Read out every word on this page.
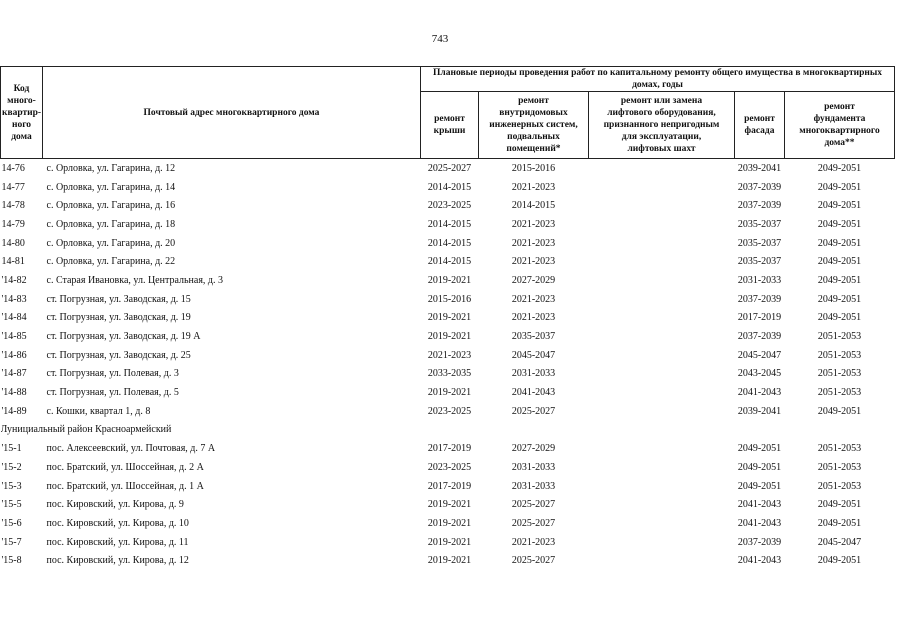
743
Код
много-
квартир-
ного
дома	Почтовый адрес многоквартирного дома	Плановые периоды проведения работ по капитальному ремонту общего имущества в многоквартирных домах, годы				
		ремонт
крыши	ремонт
внутридомовых
инженерных систем,
подвальных
помещений*	ремонт или замена
лифтового оборудования,
признанного непригодным
для эксплуатации,
лифтовых шахт	ремонт
фасада	ремонт
фундамента
многоквартирного
дома**
14-76	с. Орловка, ул. Гагарина, д. 12	2025-2027	2015-2016		2039-2041	2049-2051
14-77	с. Орловка, ул. Гагарина, д. 14	2014-2015	2021-2023		2037-2039	2049-2051
14-78	с. Орловка, ул. Гагарина, д. 16	2023-2025	2014-2015		2037-2039	2049-2051
14-79	с. Орловка, ул. Гагарина, д. 18	2014-2015	2021-2023		2035-2037	2049-2051
14-80	с. Орловка, ул. Гагарина, д. 20	2014-2015	2021-2023		2035-2037	2049-2051
14-81	с. Орловка, ул. Гагарина, д. 22	2014-2015	2021-2023		2035-2037	2049-2051
'14-82	с. Старая Ивановка, ул. Центральная, д. 3	2019-2021	2027-2029		2031-2033	2049-2051
'14-83	ст. Погрузная, ул. Заводская, д. 15	2015-2016	2021-2023		2037-2039	2049-2051
'14-84	ст. Погрузная, ул. Заводская, д. 19	2019-2021	2021-2023		2017-2019	2049-2051
'14-85	ст. Погрузная, ул. Заводская, д. 19 А	2019-2021	2035-2037		2037-2039	2051-2053
'14-86	ст. Погрузная, ул. Заводская, д. 25	2021-2023	2045-2047		2045-2047	2051-2053
'14-87	ст. Погрузная, ул. Полевая, д. 3	2033-2035	2031-2033		2043-2045	2051-2053
'14-88	ст. Погрузная, ул. Полевая, д. 5	2019-2021	2041-2043		2041-2043	2051-2053
'14-89	с. Кошки, квартал 1, д. 8	2023-2025	2025-2027		2039-2041	2049-2051
Лунициальный район Красноармейский						
'15-1	пос. Алексеевский, ул. Почтовая, д. 7 А	2017-2019	2027-2029		2049-2051	2051-2053
'15-2	пос. Братский, ул. Шоссейная, д. 2 А	2023-2025	2031-2033		2049-2051	2051-2053
'15-3	пос. Братский, ул. Шоссейная, д. 1 А	2017-2019	2031-2033		2049-2051	2051-2053
'15-5	пос. Кировский, ул. Кирова, д. 9	2019-2021	2025-2027		2041-2043	2049-2051
'15-6	пос. Кировский, ул. Кирова, д. 10	2019-2021	2025-2027		2041-2043	2049-2051
'15-7	пос. Кировский, ул. Кирова, д. 11	2019-2021	2021-2023		2037-2039	2045-2047
'15-8	пос. Кировский, ул. Кирова, д. 12	2019-2021	2025-2027		2041-2043	2049-2051
